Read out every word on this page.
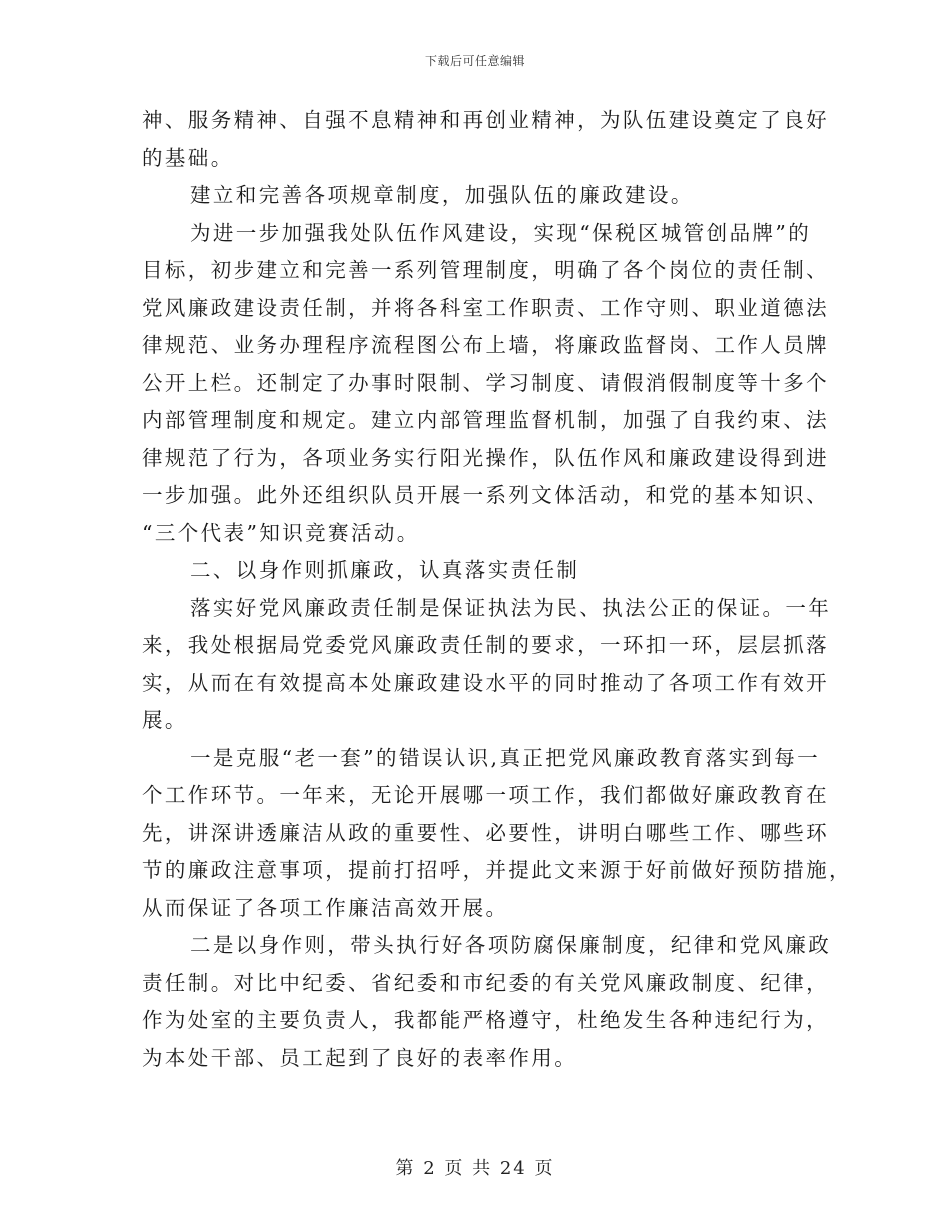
下载后可任意编辑
神、服务精神、自强不息精神和再创业精神，为队伍建设奠定了良好
的基础。
建立和完善各项规章制度，加强队伍的廉政建设。
为进一步加强我处队伍作风建设，实现“保税区城管创品牌”的
目标，初步建立和完善一系列管理制度，明确了各个岗位的责任制、
党风廉政建设责任制，并将各科室工作职责、工作守则、职业道德法
律规范、业务办理程序流程图公布上墙，将廉政监督岗、工作人员牌
公开上栏。还制定了办事时限制、学习制度、请假消假制度等十多个
内部管理制度和规定。建立内部管理监督机制，加强了自我约束、法
律规范了行为，各项业务实行阳光操作，队伍作风和廉政建设得到进
一步加强。此外还组织队员开展一系列文体活动，和党的基本知识、
“三个代表”知识竞赛活动。
二、以身作则抓廉政，认真落实责任制
落实好党风廉政责任制是保证执法为民、执法公正的保证。一年
来，我处根据局党委党风廉政责任制的要求，一环扣一环，层层抓落
实，从而在有效提高本处廉政建设水平的同时推动了各项工作有效开
展。
一是克服“老一套”的错误认识,真正把党风廉政教育落实到每一
个工作环节。一年来，无论开展哪一项工作，我们都做好廉政教育在
先，讲深讲透廉洁从政的重要性、必要性，讲明白哪些工作、哪些环
节的廉政注意事项，提前打招呼，并提此文来源于好前做好预防措施，
从而保证了各项工作廉洁高效开展。
二是以身作则，带头执行好各项防腐保廉制度，纪律和党风廉政
责任制。对比中纪委、省纪委和市纪委的有关党风廉政制度、纪律，
作为处室的主要负责人，我都能严格遵守，杜绝发生各种违纪行为，
为本处干部、员工起到了良好的表率作用。
第 2 页 共 24 页
